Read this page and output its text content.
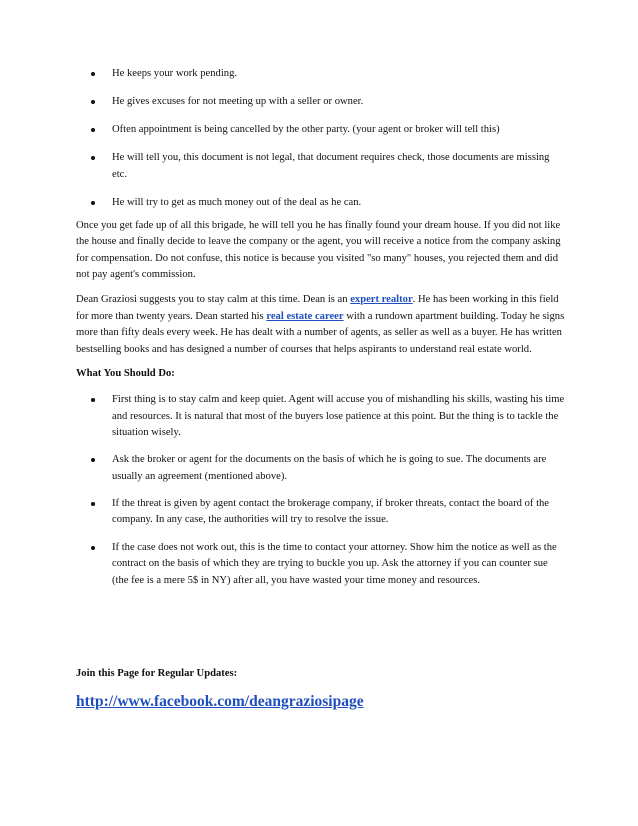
He keeps your work pending.
He gives excuses for not meeting up with a seller or owner.
Often appointment is being cancelled by the other party. (your agent or broker will tell this)
He will tell you, this document is not legal, that document requires check, those documents are missing etc.
He will try to get as much money out of the deal as he can.

Once you get fade up of all this brigade, he will tell you he has finally found your dream house. If you did not like the house and finally decide to leave the company or the agent, you will receive a notice from the company asking for compensation. Do not confuse, this notice is because you visited "so many" houses, you rejected them and did not pay agent's commission.

Dean Graziosi suggests you to stay calm at this time. Dean is an expert realtor. He has been working in this field for more than twenty years. Dean started his real estate career with a rundown apartment building. Today he signs more than fifty deals every week. He has dealt with a number of agents, as seller as well as a buyer. He has written bestselling books and has designed a number of courses that helps aspirants to understand real estate world.

What You Should Do:
First thing is to stay calm and keep quiet. Agent will accuse you of mishandling his skills, wasting his time and resources. It is natural that most of the buyers lose patience at this point. But the thing is to tackle the situation wisely.
Ask the broker or agent for the documents on the basis of which he is going to sue. The documents are usually an agreement (mentioned above).
If the threat is given by agent contact the brokerage company, if broker threats, contact the board of the company. In any case, the authorities will try to resolve the issue.
If the case does not work out, this is the time to contact your attorney. Show him the notice as well as the contract on the basis of which they are trying to buckle you up. Ask the attorney if you can counter sue (the fee is a mere 5$ in NY) after all, you have wasted your time money and resources.
Join this Page for Regular Updates:
http://www.facebook.com/deangraziosipage
